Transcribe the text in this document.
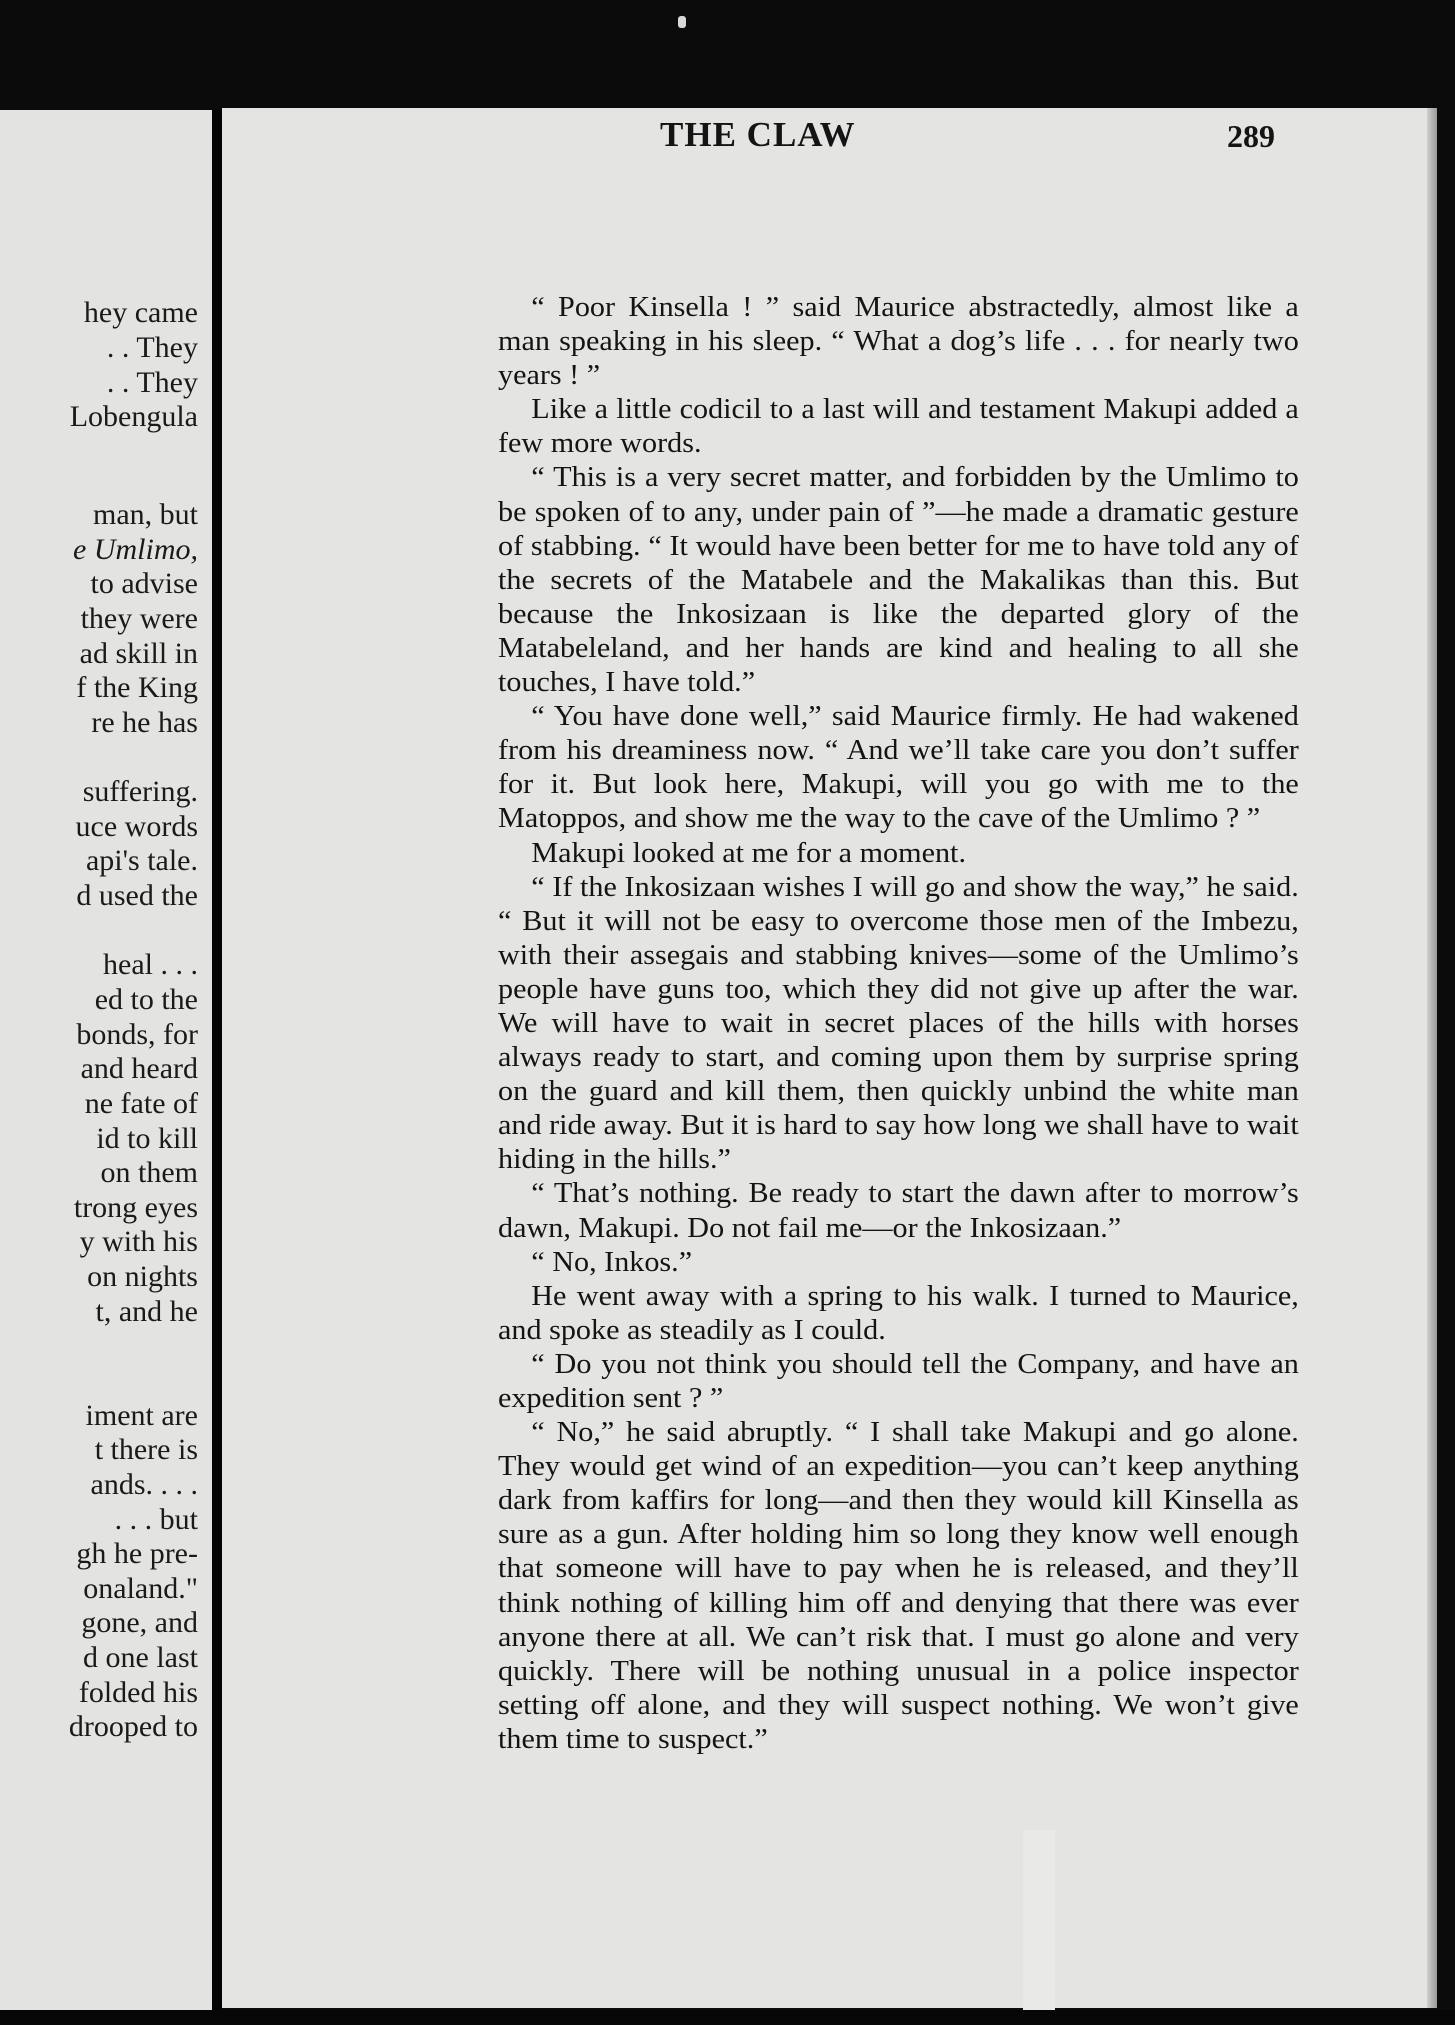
hey came

. . They

. . They

Lobengula

man, but

e Umlimo,

to advise

they were

ad skill in

f the King

re he has

suffering.

uce words

api's tale.

d used the

heal . . .

ed to the

bonds, for

and heard

ne fate of

id to kill

on them

trong eyes

y with his

on nights

t, and he

iment are

t there is

ands. . . .

. . . but

gh he pre-

onaland."

gone, and

d one last

folded his

drooped to

THE CLAW	289

“ Poor Kinsella ! ” said Maurice abstractedly, almost like a man speaking in his sleep. “ What a dog’s life . . . for nearly two years ! ”

Like a little codicil to a last will and testament Makupi added a few more words.

“ This is a very secret matter, and forbidden by the Umlimo to be spoken of to any, under pain of ”—he made a dramatic gesture of stabbing. “ It would have been better for me to have told any of the secrets of the Matabele and the Makalikas than this. But because the Inkosizaan is like the departed glory of the Matabeleland, and her hands are kind and healing to all she touches, I have told.”

“ You have done well,” said Maurice firmly. He had wakened from his dreaminess now. “ And we’ll take care you don’t suffer for it. But look here, Makupi, will you go with me to the Matoppos, and show me the way to the cave of the Umlimo ? ”

Makupi looked at me for a moment.

“ If the Inkosizaan wishes I will go and show the way,” he said. “ But it will not be easy to overcome those men of the Imbezu, with their assegais and stabbing knives—some of the Umlimo’s people have guns too, which they did not give up after the war. We will have to wait in secret places of the hills with horses always ready to start, and coming upon them by surprise spring on the guard and kill them, then quickly unbind the white man and ride away. But it is hard to say how long we shall have to wait hiding in the hills.”

“ That’s nothing. Be ready to start the dawn after to morrow’s dawn, Makupi. Do not fail me—or the Inkosizaan.”

“ No, Inkos.”

He went away with a spring to his walk. I turned to Maurice, and spoke as steadily as I could.

“ Do you not think you should tell the Company, and have an expedition sent ? ”

“ No,” he said abruptly. “ I shall take Makupi and go alone. They would get wind of an expedition—you can’t keep anything dark from kaffirs for long—and then they would kill Kinsella as sure as a gun. After holding him so long they know well enough that someone will have to pay when he is released, and they’ll think nothing of killing him off and denying that there was ever anyone there at all. We can’t risk that. I must go alone and very quickly. There will be nothing unusual in a police inspector setting off alone, and they will suspect nothing. We won’t give them time to suspect.”
